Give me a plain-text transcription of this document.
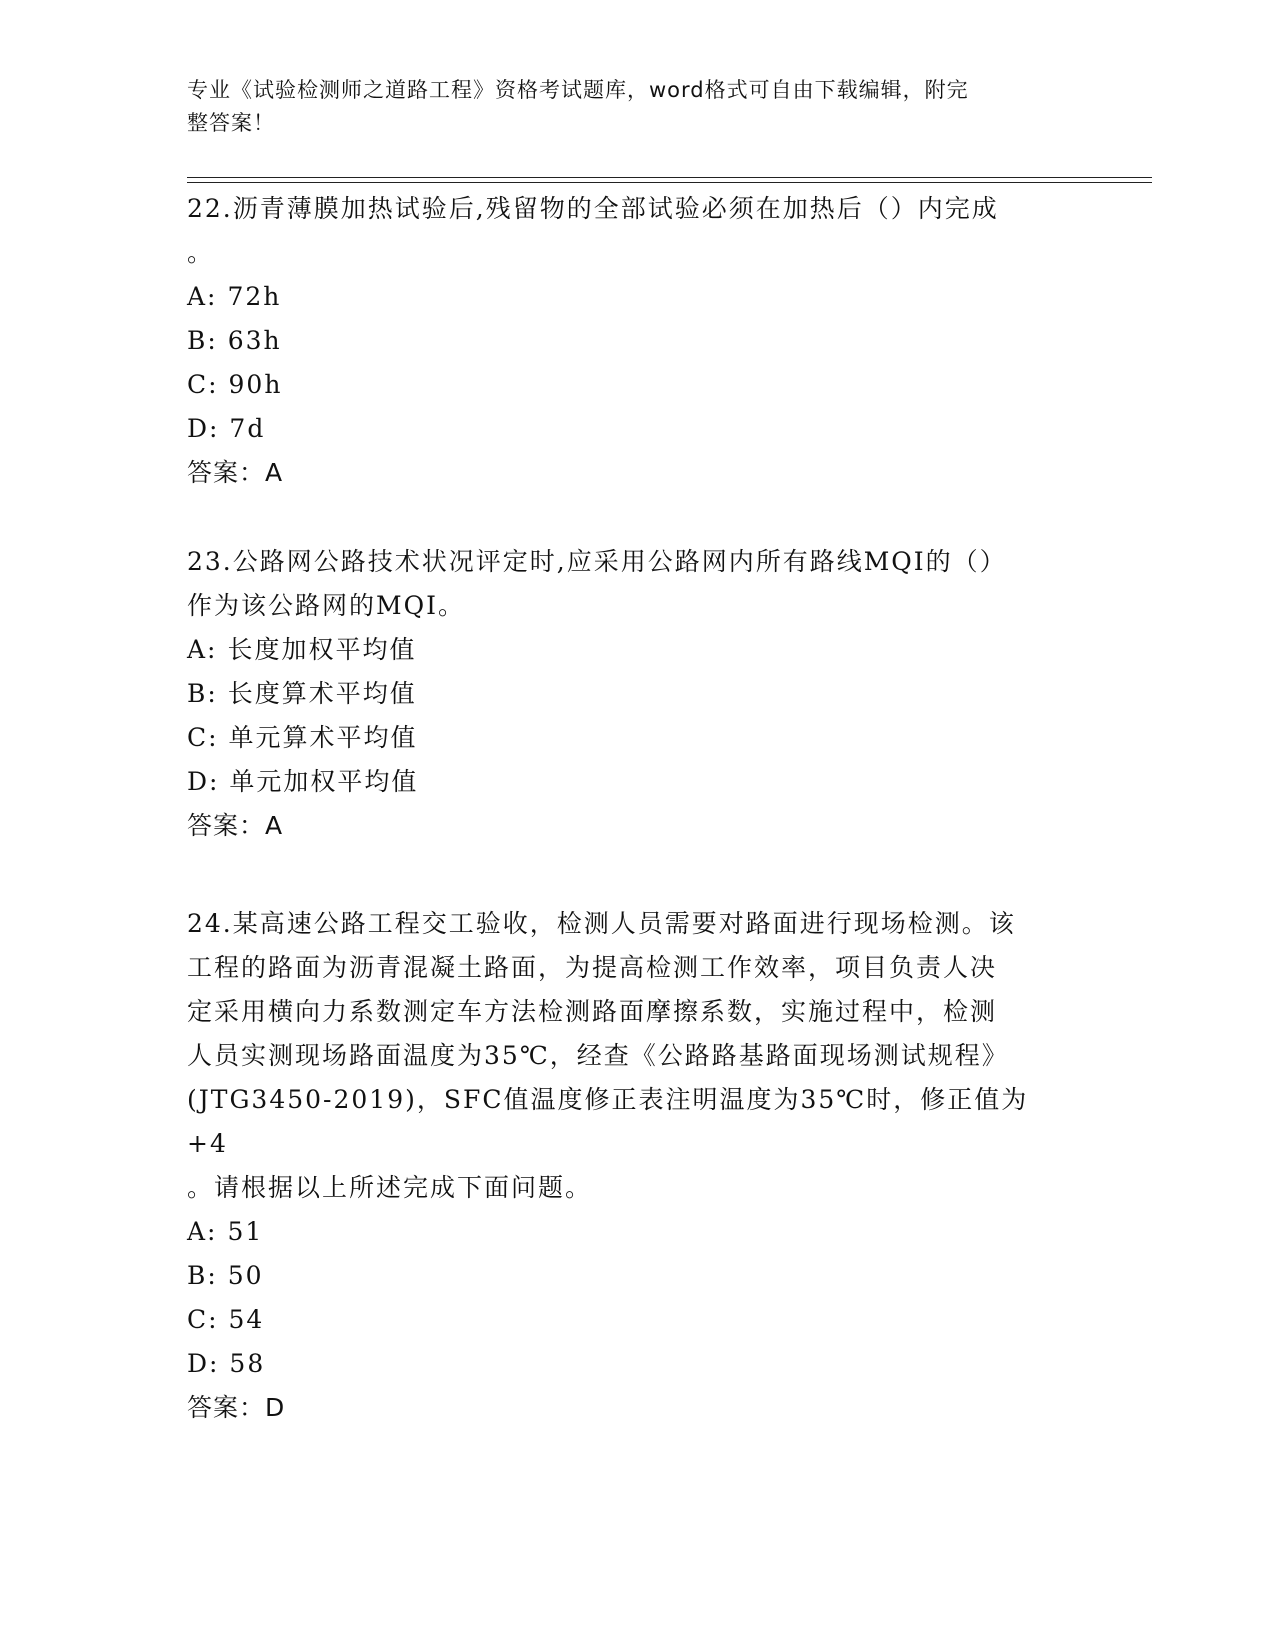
专业《试验检测师之道路工程》资格考试题库，word格式可自由下载编辑，附完
整答案！

22.沥青薄膜加热试验后,残留物的全部试验必须在加热后（）内完成

。

A: 72h

B: 63h

C: 90h

D: 7d

答案：A

23.公路网公路技术状况评定时,应采用公路网内所有路线MQI的（）

作为该公路网的MQI。

A: 长度加权平均值

B: 长度算术平均值

C: 单元算术平均值

D: 单元加权平均值

答案：A

24.某高速公路工程交工验收，检测人员需要对路面进行现场检测。该

工程的路面为沥青混凝土路面，为提高检测工作效率，项目负责人决

定采用横向力系数测定车方法检测路面摩擦系数，实施过程中，检测

人员实测现场路面温度为35℃，经查《公路路基路面现场测试规程》

(JTG3450-2019)，SFC值温度修正表注明温度为35℃时，修正值为+4

。请根据以上所述完成下面问题。

A: 51

B: 50

C: 54

D: 58

答案：D
